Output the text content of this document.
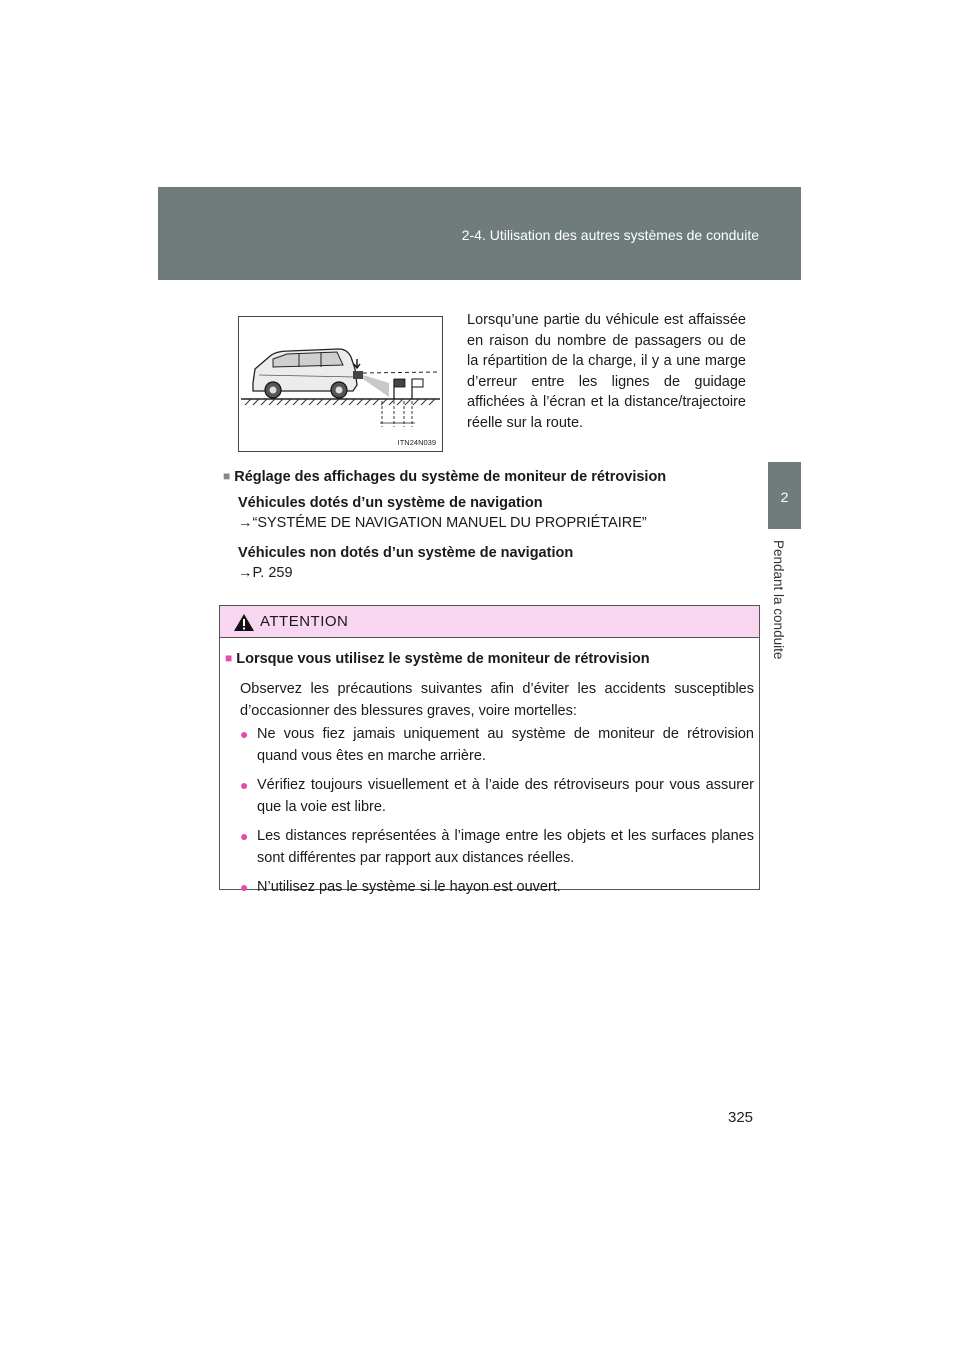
2-4. Utilisation des autres systèmes de conduite
2
Pendant la conduite
ITN24N039
Lorsqu’une partie du véhicule est affaissée en raison du nombre de passagers ou de la répartition de la charge, il y a une marge d’erreur entre les lignes de guidage affichées à l’écran et la distance/trajectoire réelle sur la route.
■ Réglage des affichages du système de moniteur de rétrovision
Véhicules dotés d’un système de navigation
→“SYSTÉME DE NAVIGATION MANUEL DU PROPRIÉTAIRE”
Véhicules non dotés d’un système de navigation
→P. 259
ATTENTION
■ Lorsque vous utilisez le système de moniteur de rétrovision
Observez les précautions suivantes afin d’éviter les accidents susceptibles d’occasionner des blessures graves, voire mortelles:
● Ne vous fiez jamais uniquement au système de moniteur de rétrovision quand vous êtes en marche arrière.
● Vérifiez toujours visuellement et à l’aide des rétroviseurs pour vous assurer que la voie est libre.
● Les distances représentées à l’image entre les objets et les surfaces planes sont différentes par rapport aux distances réelles.
● N’utilisez pas le système si le hayon est ouvert.
325
